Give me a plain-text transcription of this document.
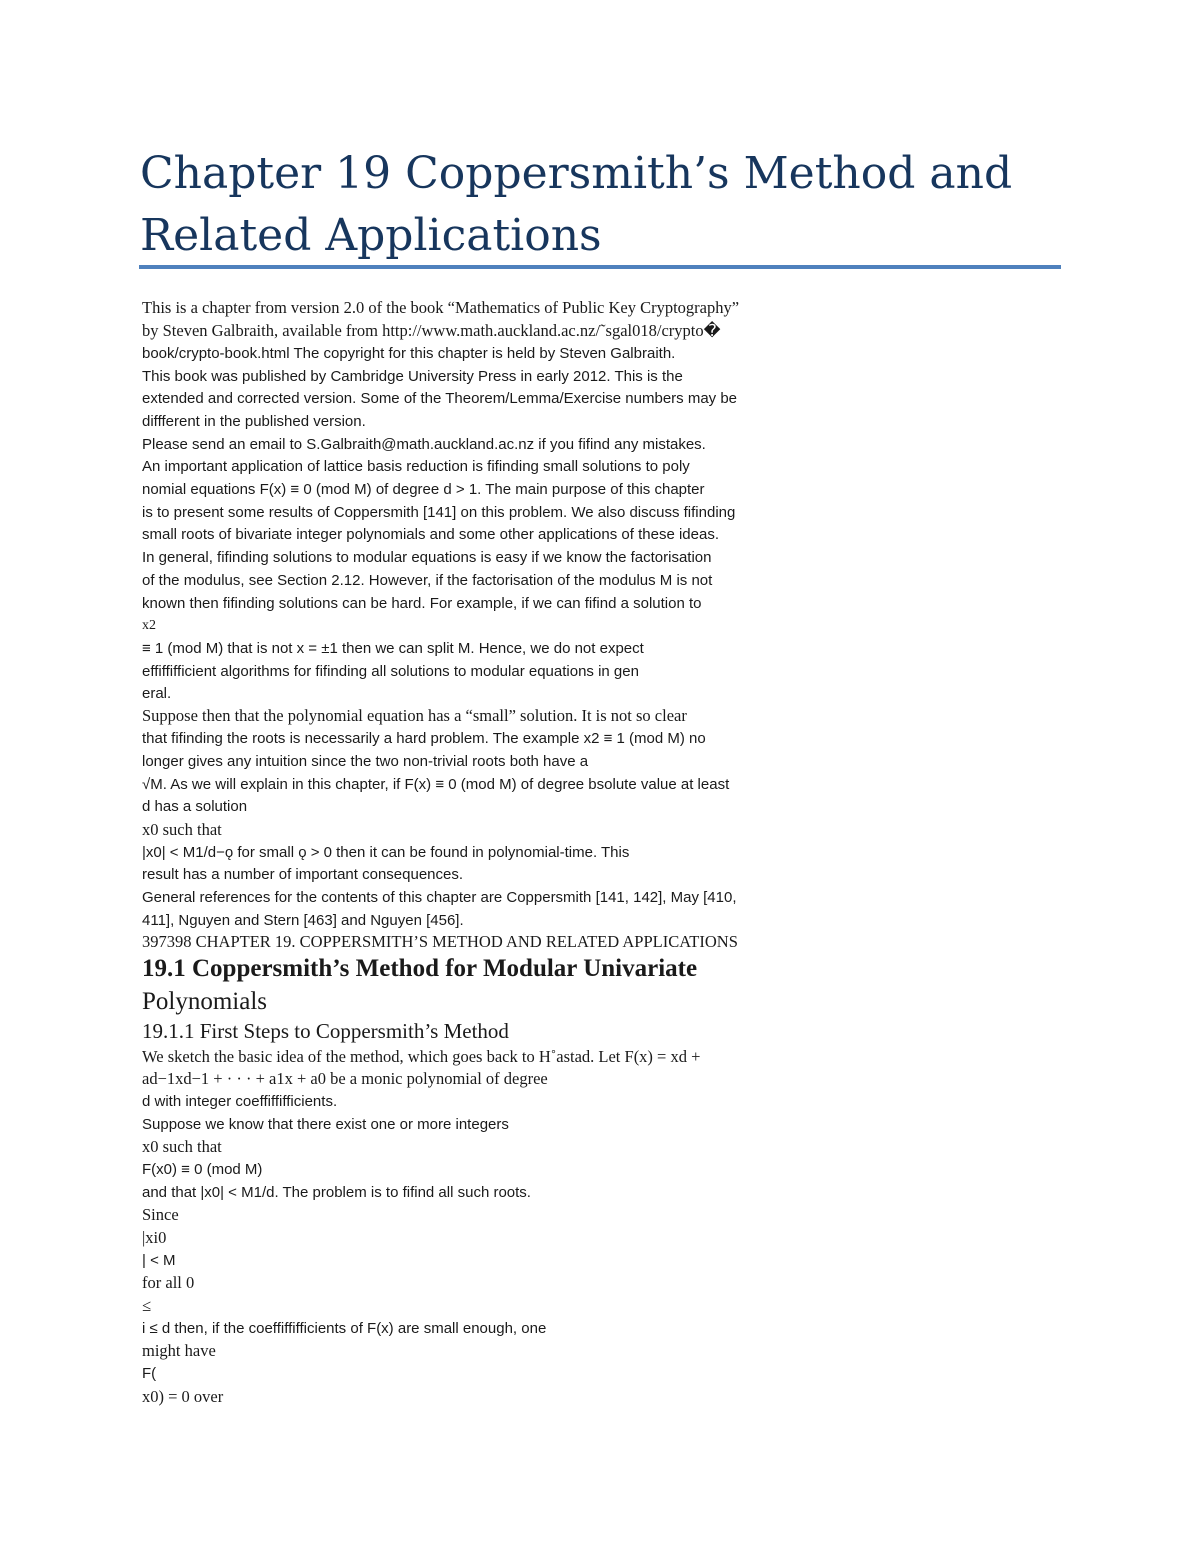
Chapter 19 Coppersmith’s Method and Related Applications
This is a chapter from version 2.0 of the book “Mathematics of Public Key Cryptography”
by Steven Galbraith, available from http://www.math.auckland.ac.nz/˜sgal018/crypto�
book/crypto-book.html The copyright for this chapter is held by Steven Galbraith.
This book was published by Cambridge University Press in early 2012. This is the
extended and corrected version. Some of the Theorem/Lemma/Exercise numbers may be
diffferent in the published version.
Please send an email to S.Galbraith@math.auckland.ac.nz if you fifind any mistakes.
An important application of lattice basis reduction is fifinding small solutions to poly
nomial equations F(x) ≡ 0 (mod M) of degree d > 1. The main purpose of this chapter
is to present some results of Coppersmith [141] on this problem. We also discuss fifinding
small roots of bivariate integer polynomials and some other applications of these ideas.
In general, fifinding solutions to modular equations is easy if we know the factorisation
of the modulus, see Section 2.12. However, if the factorisation of the modulus M is not
known then fifinding solutions can be hard. For example, if we can fifind a solution to
x2
≡ 1 (mod M) that is not x = ±1 then we can split M. Hence, we do not expect
effiffifficient algorithms for fifinding all solutions to modular equations in gen
eral.
Suppose then that the polynomial equation has a “small” solution. It is not so clear
that fifinding the roots is necessarily a hard problem. The example x2 ≡ 1 (mod M) no
longer gives any intuition since the two non-trivial roots both have a
√M. As we will explain in this chapter, if F(x) ≡ 0 (mod M) of degree bsolute value at least
d has a solution
x0 such that
|x0| < M1/d−ǫ for small ǫ > 0 then it can be found in polynomial-time. This
result has a number of important consequences.
General references for the contents of this chapter are Coppersmith [141, 142], May [410,
411], Nguyen and Stern [463] and Nguyen [456].
397398 CHAPTER 19. COPPERSMITH’S METHOD AND RELATED APPLICATIONS
19.1 Coppersmith’s Method for Modular Univariate
Polynomials
19.1.1 First Steps to Coppersmith’s Method
We sketch the basic idea of the method, which goes back to H˚astad. Let F(x) = xd +
ad−1xd−1 + · · · + a1x + a0 be a monic polynomial of degree
d with integer coeffiffifficients.
Suppose we know that there exist one or more integers
x0 such that
F(x0) ≡ 0 (mod M)
and that |x0| < M1/d. The problem is to fifind all such roots.
Since
|xi0
| < M
for all 0
≤
i ≤ d then, if the coeffiffifficients of F(x) are small enough, one
might have
F(
x0) = 0 over
